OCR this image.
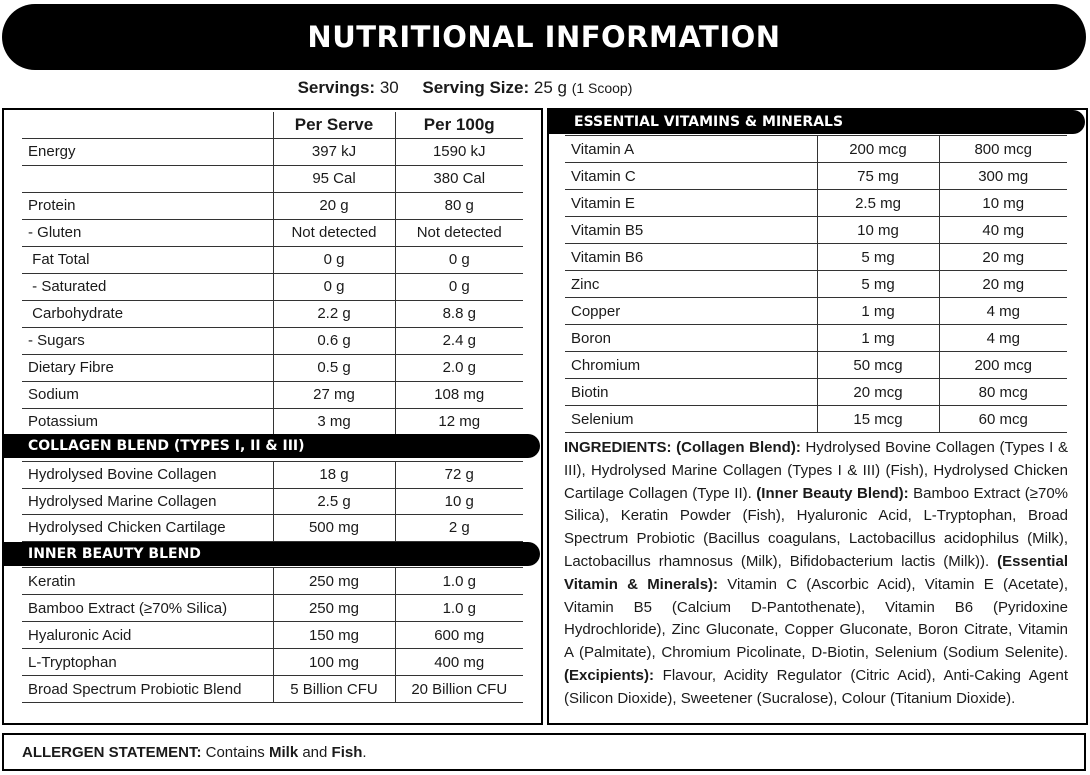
NUTRITIONAL INFORMATION
Servings: 30 Serving Size: 25 g (1 Scoop)
	Per Serve	Per 100g
Energy	397 kJ	1590 kJ
	95 Cal	380 Cal
Protein	20 g	80 g
- Gluten	Not detected	Not detected
Fat Total	0 g	0 g
- Saturated	0 g	0 g
Carbohydrate	2.2 g	8.8 g
- Sugars	0.6 g	2.4 g
Dietary Fibre	0.5 g	2.0 g
Sodium	27 mg	108 mg
Potassium	3 mg	12 mg
COLLAGEN BLEND (TYPES I, II & III)
Hydrolysed Bovine Collagen	18 g	72 g
Hydrolysed Marine Collagen	2.5 g	10 g
Hydrolysed Chicken Cartilage	500 mg	2 g
INNER BEAUTY BLEND
Keratin	250 mg	1.0 g
Bamboo Extract (≥70% Silica)	250 mg	1.0 g
Hyaluronic Acid	150 mg	600 mg
L-Tryptophan	100 mg	400 mg
Broad Spectrum Probiotic Blend	5 Billion CFU	20 Billion CFU
ESSENTIAL VITAMINS & MINERALS
Vitamin A	200 mcg	800 mcg
Vitamin C	75 mg	300 mg
Vitamin E	2.5 mg	10 mg
Vitamin B5	10 mg	40 mg
Vitamin B6	5 mg	20 mg
Zinc	5 mg	20 mg
Copper	1 mg	4 mg
Boron	1 mg	4 mg
Chromium	50 mcg	200 mcg
Biotin	20 mcg	80 mcg
Selenium	15 mcg	60 mcg
INGREDIENTS: (Collagen Blend): Hydrolysed Bovine Collagen (Types I & III), Hydrolysed Marine Collagen (Types I & III) (Fish), Hydrolysed Chicken Cartilage Collagen (Type II). (Inner Beauty Blend): Bamboo Extract (≥70% Silica), Keratin Powder (Fish), Hyaluronic Acid, L-Tryptophan, Broad Spectrum Probiotic (Bacillus coagulans, Lactobacillus acidophilus (Milk), Lactobacillus rhamnosus (Milk), Bifidobacterium lactis (Milk)). (Essential Vitamin & Minerals): Vitamin C (Ascorbic Acid), Vitamin E (Acetate), Vitamin B5 (Calcium D-Pantothenate), Vitamin B6 (Pyridoxine Hydrochloride), Zinc Gluconate, Copper Gluconate, Boron Citrate, Vitamin A (Palmitate), Chromium Picolinate, D-Biotin, Selenium (Sodium Selenite). (Excipients): Flavour, Acidity Regulator (Citric Acid), Anti-Caking Agent (Silicon Dioxide), Sweetener (Sucralose), Colour (Titanium Dioxide).
ALLERGEN STATEMENT: Contains Milk and Fish.
